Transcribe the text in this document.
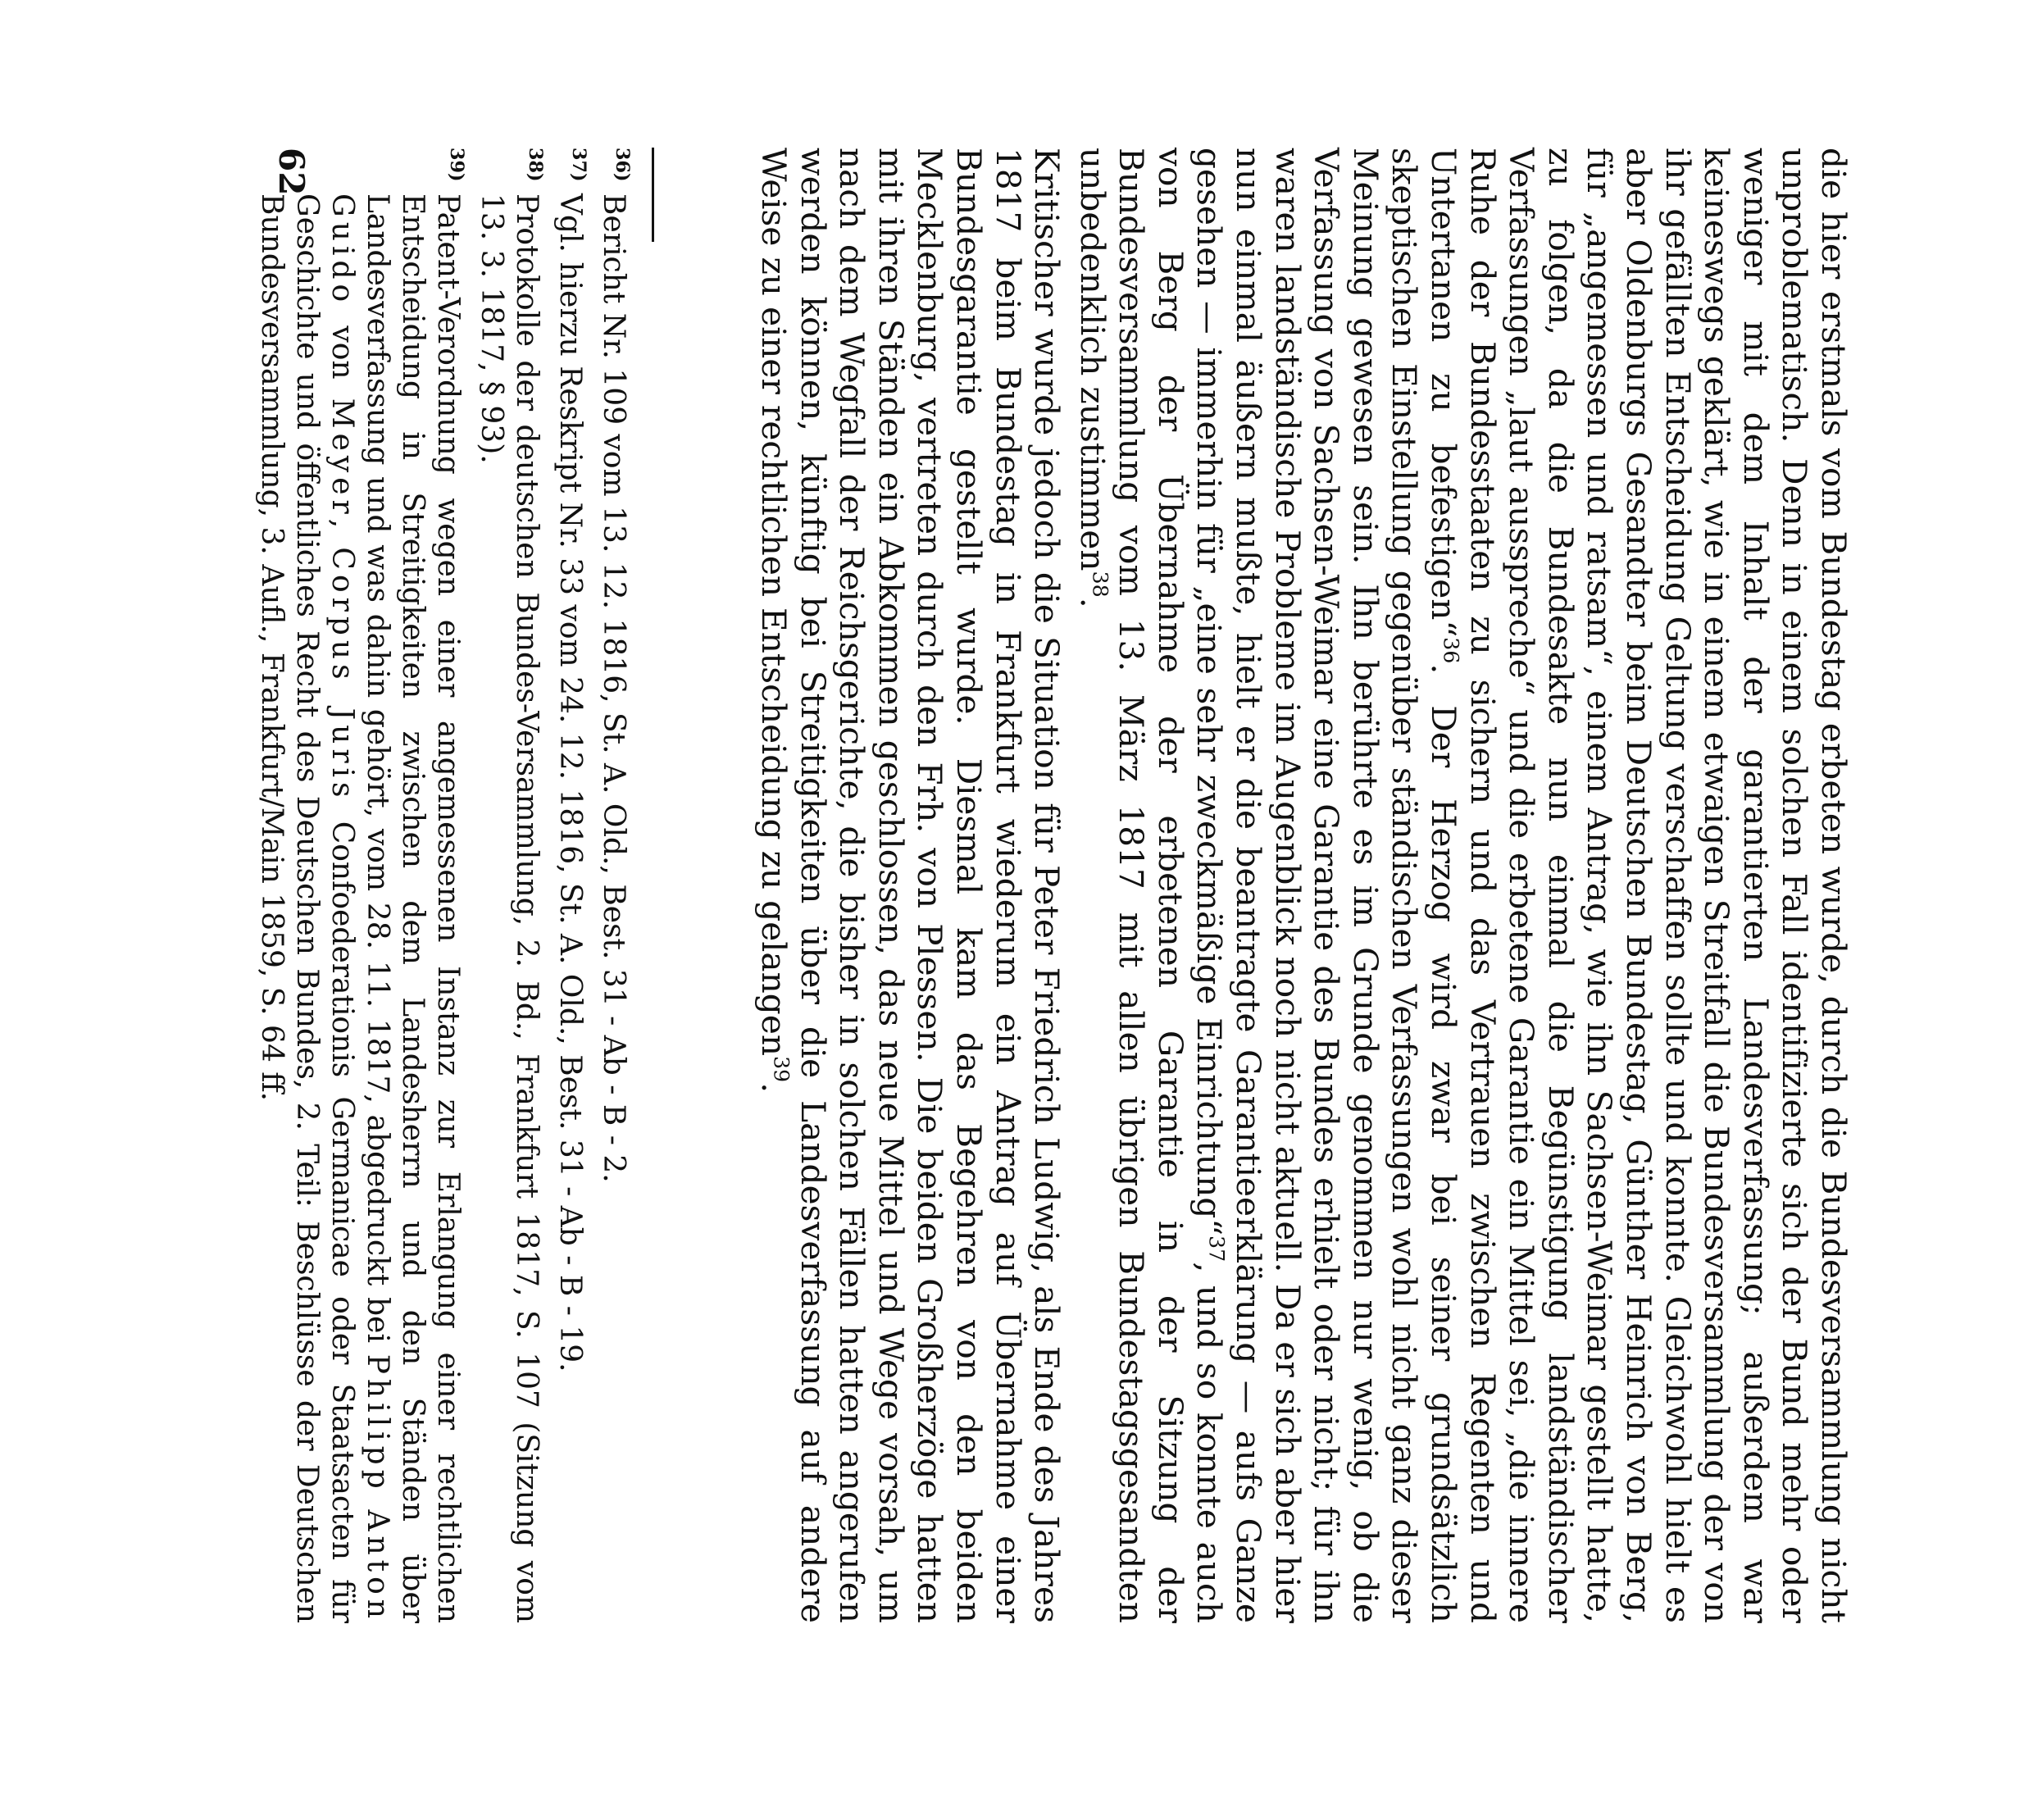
die hier erstmals vom Bundestag erbeten wurde, durch die Bundesversammlung nicht unproblematisch. Denn in einem solchen Fall identifizierte sich der Bund mehr oder weniger mit dem Inhalt der garantierten Landesverfassung; außerdem war keineswegs geklärt, wie in einem etwaigen Streitfall die Bundesversammlung der von ihr gefällten Entscheidung Geltung verschaffen sollte und konnte. Gleichwohl hielt es aber Oldenburgs Gesandter beim Deutschen Bundestag, Günther Heinrich von Berg, für „angemessen und ratsam“, einem Antrag, wie ihn Sachsen-Weimar gestellt hatte, zu folgen, da die Bundesakte nun einmal die Begünstigung landständischer Verfassungen „laut ausspreche“ und die erbetene Garantie ein Mittel sei, „die innere Ruhe der Bundesstaaten zu sichern und das Vertrauen zwischen Regenten und Untertanen zu befestigen“$^{36}$. Der Herzog wird zwar bei seiner grundsätzlich skeptischen Einstellung gegenüber ständischen Verfassungen wohl nicht ganz dieser Meinung gewesen sein. Ihn berührte es im Grunde genommen nur wenig, ob die Verfassung von Sachsen-Weimar eine Garantie des Bundes erhielt oder nicht; für ihn waren landständische Probleme im Augenblick noch nicht aktuell. Da er sich aber hier nun einmal äußern mußte, hielt er die beantragte Garantieerklärung — aufs Ganze gesehen — immerhin für „eine sehr zweckmäßige Einrichtung“$^{37}$, und so konnte auch von Berg der Übernahme der erbetenen Garantie in der Sitzung der Bundesversammlung vom 13. März 1817 mit allen übrigen Bundestagsgesandten unbedenklich zustimmen$^{38}$.

Kritischer wurde jedoch die Situation für Peter Friedrich Ludwig, als Ende des Jahres 1817 beim Bundestag in Frankfurt wiederum ein Antrag auf Übernahme einer Bundesgarantie gestellt wurde. Diesmal kam das Begehren von den beiden Mecklenburg, vertreten durch den Frh. von Plessen. Die beiden Großherzöge hatten mit ihren Ständen ein Abkommen geschlossen, das neue Mittel und Wege vorsah, um nach dem Wegfall der Reichsgerichte, die bisher in solchen Fällen hatten angerufen werden können, künftig bei Streitigkeiten über die Landesverfassung auf andere Weise zu einer rechtlichen Entscheidung zu gelangen$^{39}$.

36)
Bericht Nr. 109 vom 13. 12. 1816, St. A. Old., Best. 31 - Ab - B - 2.
37)
Vgl. hierzu Reskript Nr. 33 vom 24. 12. 1816, St. A. Old., Best. 31 - Ab - B - 19.
38)
Protokolle der deutschen Bundes-Versammlung, 2. Bd., Frankfurt 1817, S. 107 (Sitzung vom 13. 3. 1817, § 93).
39)
Patent-Verordnung wegen einer angemessenen Instanz zur Erlangung einer rechtlichen Entscheidung in Streitigkeiten zwischen dem Landesherrn und den Ständen über Landesverfassung und was dahin gehört, vom 28. 11. 1817, abgedruckt bei Philipp Anton Guido von Meyer, Corpus Juris Confoederationis Germanicae oder Staatsacten für Geschichte und öffentliches Recht des Deutschen Bundes, 2. Teil: Beschlüsse der Deutschen Bundesversammlung, 3. Aufl., Frankfurt/Main 1859, S. 64 ff.
62
